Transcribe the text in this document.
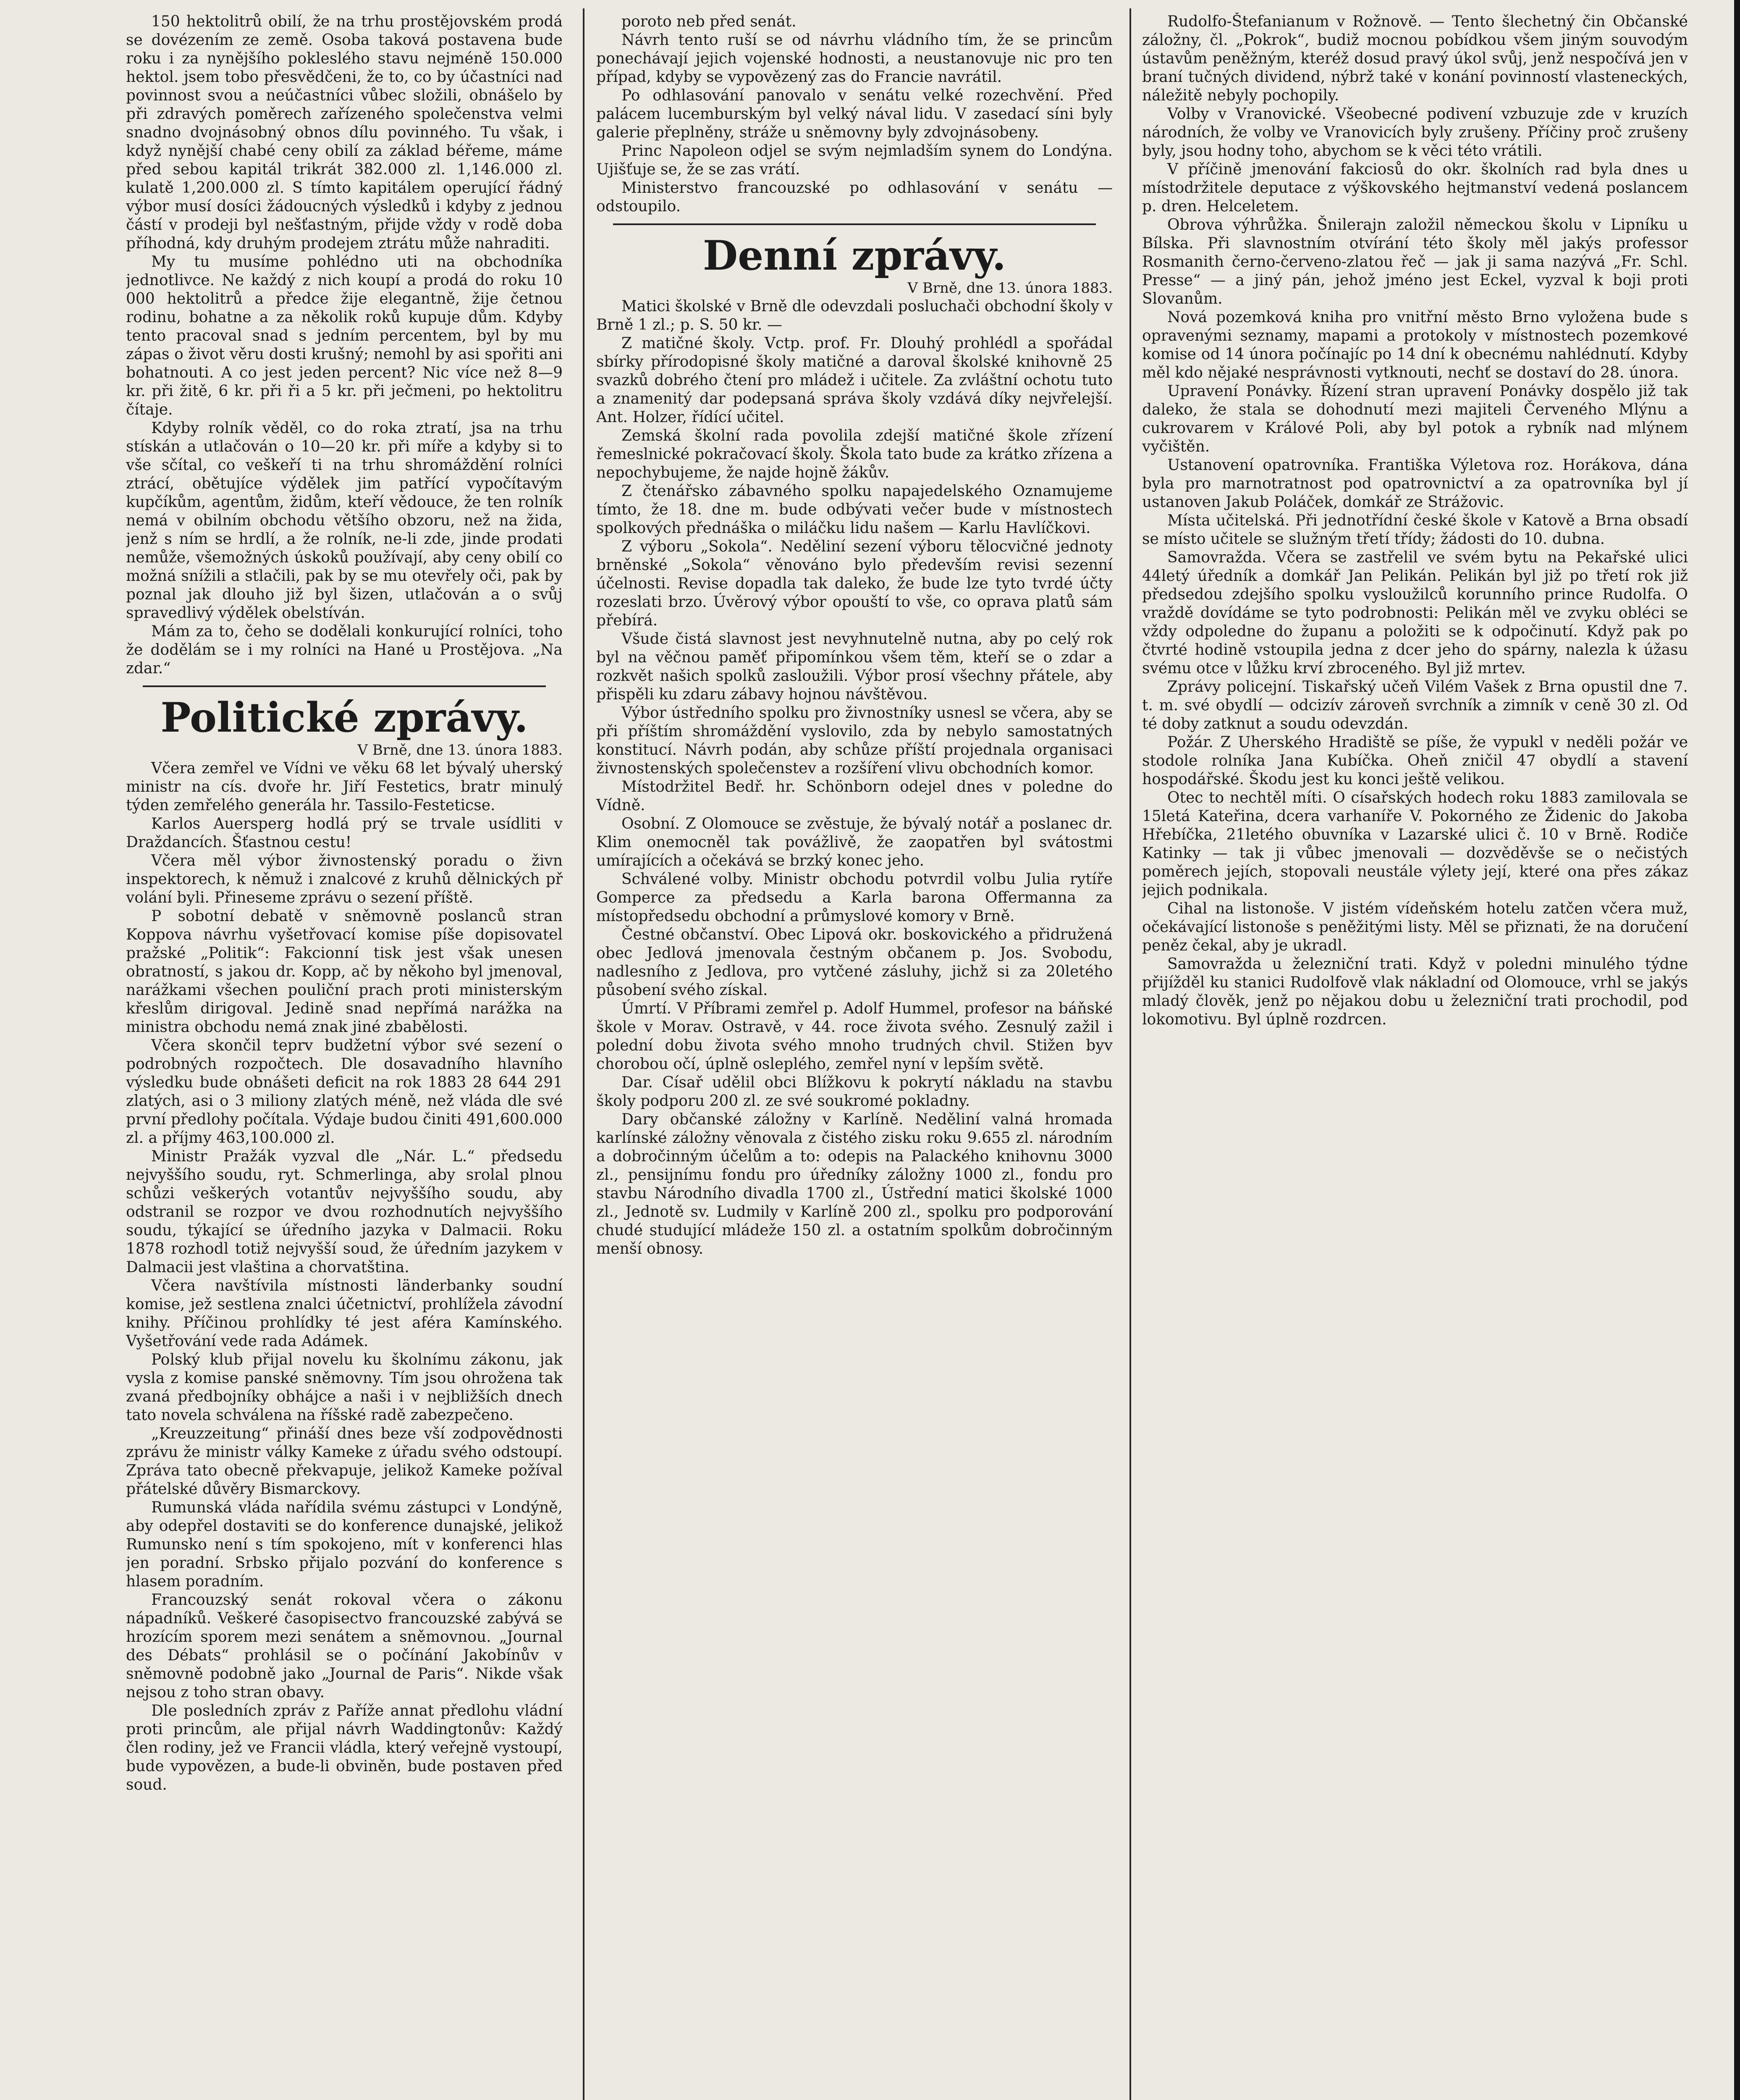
150 hektolitrů obilí, že na trhu prostějovském prodá se dovézením ze země. Osoba taková postavena bude roku i za nynějšího pokleslého stavu nejméně 150.000 hektol. jsem tobo přesvědčeni, že to, co by účastníci nad povinnost svou a neúčastníci vůbec složili, obnášelo by při zdravých poměrech zařízeného společenstva velmi snadno dvojnásobný obnos dílu povinného. Tu však, i když nynější chabé ceny obilí za základ béřeme, máme před sebou kapitál trikrát 382.000 zl. 1,146.000 zl. kulatě 1,200.000 zl. S tímto kapitálem operující řádný výbor musí dosíci žádoucných výsledků i kdyby z jednou částí v prodeji byl nešťastným, přijde vždy v rodě doba příhodná, kdy druhým prodejem ztrátu může nahraditi.

My tu musíme pohlédno uti na obchodníka jednotlivce. Ne každý z nich koupí a prodá do roku 10 000 hektolitrů a předce žije elegantně, žije četnou rodinu, bohatne a za několik roků kupuje dům. Kdyby tento pracoval snad s jedním percentem, byl by mu zápas o život věru dosti krušný; nemohl by asi spořiti ani bohatnouti. A co jest jeden percent? Nic více než 8—9 kr. při žitě, 6 kr. při ři a 5 kr. při ječmeni, po hektolitru čítaje.

Kdyby rolník věděl, co do roka ztratí, jsa na trhu stískán a utlačován o 10—20 kr. při míře a kdyby si to vše sčítal, co veškeří ti na trhu shromáždění rolníci ztrácí, obětujíce výdělek jim patřící vypočítavým kupčíkům, agentům, židům, kteří vědouce, že ten rolník nemá v obilním obchodu většího obzoru, než na žida, jenž s ním se hrdlí, a že rolník, ne-li zde, jinde prodati nemůže, všemožných úskoků používají, aby ceny obilí co možná snížili a stlačili, pak by se mu otevřely oči, pak by poznal jak dlouho již byl šizen, utlačován a o svůj spravedlivý výdělek obelstíván.

Mám za to, čeho se dodělali konkurující rolníci, toho že dodělám se i my rolníci na Hané u Prostějova. „Na zdar.“

Politické zprávy.

V Brně, dne 13. února 1883.

Včera zemřel ve Vídni ve věku 68 let bývalý uherský ministr na cís. dvoře hr. Jiří Festetics, bratr minulý týden zemřelého generála hr. Tassilo-Festeticse.

Karlos Auersperg hodlá prý se trvale usídliti v Draždancích. Šťastnou cestu!

Včera měl výbor živnostenský poradu o živn inspektorech, k němuž i znalcové z kruhů dělnických př volání byli. Přineseme zprávu o sezení příště.

P sobotní debatě v sněmovně poslanců stran Koppova návrhu vyšetřovací komise píše dopisovatel pražské „Politik“: Fakcionní tisk jest však unesen obratností, s jakou dr. Kopp, ač by někoho byl jmenoval, narážkami všechen pouliční prach proti ministerským křeslům dirigoval. Jedině snad nepřímá narážka na ministra obchodu nemá znak jiné zbabělosti.

Včera skončil teprv budžetní výbor své sezení o podrobných rozpočtech. Dle dosavadního hlavního výsledku bude obnášeti deficit na rok 1883 28 644 291 zlatých, asi o 3 miliony zlatých méně, než vláda dle své první předlohy počítala. Výdaje budou činiti 491,600.000 zl. a příjmy 463,100.000 zl.

Ministr Pražák vyzval dle „Nár. L.“ předsedu nejvyššího soudu, ryt. Schmerlinga, aby srolal plnou schůzi veškerých votantův nejvyššího soudu, aby odstranil se rozpor ve dvou rozhodnutích nejvyššího soudu, týkající se úředního jazyka v Dalmacii. Roku 1878 rozhodl totiž nejvyšší soud, že úředním jazykem v Dalmacii jest vlaština a chorvatština.

Včera navštívila místnosti länderbanky soudní komise, jež sestlena znalci účetnictví, prohlížela závodní knihy. Příčinou prohlídky té jest aféra Kamínského. Vyšetřování vede rada Adámek.

Polský klub přijal novelu ku školnímu zákonu, jak vysla z komise panské sněmovny. Tím jsou ohrožena tak zvaná předbojníky obhájce a naši i v nejbližších dnech tato novela schválena na říšské radě zabezpečeno.

„Kreuzzeitung“ přináší dnes beze vší zodpovědnosti zprávu že ministr války Kameke z úřadu svého odstoupí. Zpráva tato obecně překvapuje, jelikož Kameke požíval přátelské důvěry Bismarckovy.

Rumunská vláda nařídila svému zástupci v Londýně, aby odepřel dostaviti se do konference dunajské, jelikož Rumunsko není s tím spokojeno, mít v konferenci hlas jen poradní. Srbsko přijalo pozvání do konference s hlasem poradním.

Francouzský senát rokoval včera o zákonu nápadníků. Veškeré časopisectvo francouzské zabývá se hrozícím sporem mezi senátem a sněmovnou. „Journal des Débats“ prohlásil se o počínání Jakobínův v sněmovně podobně jako „Journal de Paris“. Nikde však nejsou z toho stran obavy.

Dle posledních zpráv z Paříže annat předlohu vládní proti princům, ale přijal návrh Waddingtonův: Každý člen rodiny, jež ve Francii vládla, který veřejně vystoupí, bude vypovězen, a bude-li obviněn, bude postaven před soud.

poroto neb před senát.

Návrh tento ruší se od návrhu vládního tím, že se princům ponechávají jejich vojenské hodnosti, a neustanovuje nic pro ten případ, kdyby se vypovězený zas do Francie navrátil.

Po odhlasování panovalo v senátu velké rozechvění. Před palácem lucemburským byl velký nával lidu. V zasedací síni byly galerie přeplněny, stráže u sněmovny byly zdvojnásobeny.

Princ Napoleon odjel se svým nejmladším synem do Londýna. Ujišťuje se, že se zas vrátí.

Ministerstvo francouzské po odhlasování v senátu — odstoupilo.

Denní zprávy.

V Brně, dne 13. února 1883.

Matici školské v Brně dle odevzdali posluchači obchodní školy v Brně 1 zl.; p. S. 50 kr. —

Z matičné školy. Vctp. prof. Fr. Dlouhý prohlédl a spořádal sbírky přírodopisné školy matičné a daroval školské knihovně 25 svazků dobrého čtení pro mládež i učitele. Za zvláštní ochotu tuto a znamenitý dar podepsaná správa školy vzdává díky nejvřelejší. Ant. Holzer, řídící učitel.

Zemská školní rada povolila zdejší matičné škole zřízení řemeslnické pokračovací školy. Škola tato bude za krátko zřízena a nepochybujeme, že najde hojně žákův.

Z čtenářsko zábavného spolku napajedelského Oznamujeme tímto, že 18. dne m. bude odbývati večer bude v místnostech spolkových přednáška o miláčku lidu našem — Karlu Havlíčkovi.

Z výboru „Sokola“. Neděliní sezení výboru tělocvičné jednoty brněnské „Sokola“ věnováno bylo především revisi sezenní účelnosti. Revise dopadla tak daleko, že bude lze tyto tvrdé účty rozeslati brzo. Úvěrový výbor opouští to vše, co oprava platů sám přebírá.

Všude čistá slavnost jest nevyhnutelně nutna, aby po celý rok byl na věčnou paměť připomínkou všem těm, kteří se o zdar a rozkvět našich spolků zasloužili. Výbor prosí všechny přátele, aby přispěli ku zdaru zábavy hojnou návštěvou.

Výbor ústředního spolku pro živnostníky usnesl se včera, aby se při příštím shromáždění vyslovilo, zda by nebylo samostatných konstitucí. Návrh podán, aby schůze příští projednala organisaci živnostenských společenstev a rozšíření vlivu obchodních komor.

Místodržitel Bedř. hr. Schönborn odejel dnes v poledne do Vídně.

Osobní. Z Olomouce se zvěstuje, že bývalý notář a poslanec dr. Klim onemocněl tak povážlivě, že zaopatřen byl svátostmi umírajících a očekává se brzký konec jeho.

Schválené volby. Ministr obchodu potvrdil volbu Julia rytíře Gomperce za předsedu a Karla barona Offermanna za místopředsedu obchodní a průmyslové komory v Brně.

Čestné občanství. Obec Lipová okr. boskovického a přidružená obec Jedlová jmenovala čestným občanem p. Jos. Svobodu, nadlesního z Jedlova, pro vytčené zásluhy, jichž si za 20letého působení svého získal.

Úmrtí. V Příbrami zemřel p. Adolf Hummel, profesor na báňské škole v Morav. Ostravě, v 44. roce života svého. Zesnulý zažil i polední dobu života svého mnoho trudných chvil. Stižen byv chorobou očí, úplně osleplého, zemřel nyní v lepším světě.

Dar. Císař udělil obci Blížkovu k pokrytí nákladu na stavbu školy podporu 200 zl. ze své soukromé pokladny.

Dary občanské záložny v Karlíně. Neděliní valná hromada karlínské záložny věnovala z čistého zisku roku 9.655 zl. národním a dobročinným účelům a to: odepis na Palackého knihovnu 3000 zl., pensijnímu fondu pro úředníky záložny 1000 zl., fondu pro stavbu Národního divadla 1700 zl., Ústřední matici školské 1000 zl., Jednotě sv. Ludmily v Karlíně 200 zl., spolku pro podporování chudé studující mládeže 150 zl. a ostatním spolkům dobročinným menší obnosy.

Rudolfo-Štefanianum v Rožnově. — Tento šlechetný čin Občanské záložny, čl. „Pokrok“, budiž mocnou pobídkou všem jiným souvodým ústavům peněžným, kteréž dosud pravý úkol svůj, jenž nespočívá jen v braní tučných dividend, nýbrž také v konání povinností vlasteneckých, náležitě nebyly pochopily.

Volby v Vranovické. Všeobecné podivení vzbuzuje zde v kruzích národních, že volby ve Vranovicích byly zrušeny. Příčiny proč zrušeny byly, jsou hodny toho, abychom se k věci této vrátili.

V příčině jmenování fakciosů do okr. školních rad byla dnes u místodržitele deputace z výškovského hejtmanství vedená poslancem p. dren. Helceletem.

Obrova výhrůžka. Šnilerajn založil německou školu v Lipníku u Bílska. Při slavnostním otvírání této školy měl jakýs professor Rosmanith černo-červeno-zlatou řeč — jak ji sama nazývá „Fr. Schl. Presse“ — a jiný pán, jehož jméno jest Eckel, vyzval k boji proti Slovanům.

Nová pozemková kniha pro vnitřní město Brno vyložena bude s opravenými seznamy, mapami a protokoly v místnostech pozemkové komise od 14 února počínajíc po 14 dní k obecnému nahlédnutí. Kdyby měl kdo nějaké nesprávnosti vytknouti, nechť se dostaví do 28. února.

Upravení Ponávky. Řízení stran upravení Ponávky dospělo již tak daleko, že stala se dohodnutí mezi majiteli Červeného Mlýnu a cukrovarem v Králové Poli, aby byl potok a rybník nad mlýnem vyčištěn.

Ustanovení opatrovníka. Františka Výletova roz. Horákova, dána byla pro marnotratnost pod opatrovnictví a za opatrovníka byl jí ustanoven Jakub Poláček, domkář ze Strážovic.

Místa učitelská. Při jednotřídní české škole v Katově a Brna obsadí se místo učitele se služným třetí třídy; žádosti do 10. dubna.

Samovražda. Včera se zastřelil ve svém bytu na Pekařské ulici 44letý úředník a domkář Jan Pelikán. Pelikán byl již po třetí rok již předsedou zdejšího spolku vysloužilců korunního prince Rudolfa. O vraždě dovídáme se tyto podrobnosti: Pelikán měl ve zvyku obléci se vždy odpoledne do županu a položiti se k odpočinutí. Když pak po čtvrté hodině vstoupila jedna z dcer jeho do spárny, nalezla k úžasu svému otce v lůžku krví zbroceného. Byl již mrtev.

Zprávy policejní. Tiskařský učeň Vilém Vašek z Brna opustil dne 7. t. m. své obydlí — odcizív zároveň svrchník a zimník v ceně 30 zl. Od té doby zatknut a soudu odevzdán.

Požár. Z Uherského Hradiště se píše, že vypukl v neděli požár ve stodole rolníka Jana Kubíčka. Oheň zničil 47 obydlí a stavení hospodářské. Škodu jest ku konci ještě velikou.

Otec to nechtěl míti. O císařských hodech roku 1883 zamilovala se 15letá Kateřina, dcera varhaníře V. Pokorného ze Židenic do Jakoba Hřebíčka, 21letého obuvníka v Lazarské ulici č. 10 v Brně. Rodiče Katinky — tak ji vůbec jmenovali — dozvěděvše se o nečistých poměrech jejích, stopovali neustále výlety její, které ona přes zákaz jejich podnikala.

Cihal na listonoše. V jistém vídeňském hotelu zatčen včera muž, očekávající listonoše s peněžitými listy. Měl se přiznati, že na doručení peněz čekal, aby je ukradl.

Samovražda u železniční trati. Když v poledni minulého týdne přijížděl ku stanici Rudolfově vlak nákladní od Olomouce, vrhl se jakýs mladý člověk, jenž po nějakou dobu u železniční trati prochodil, pod lokomotivu. Byl úplně rozdrcen.
